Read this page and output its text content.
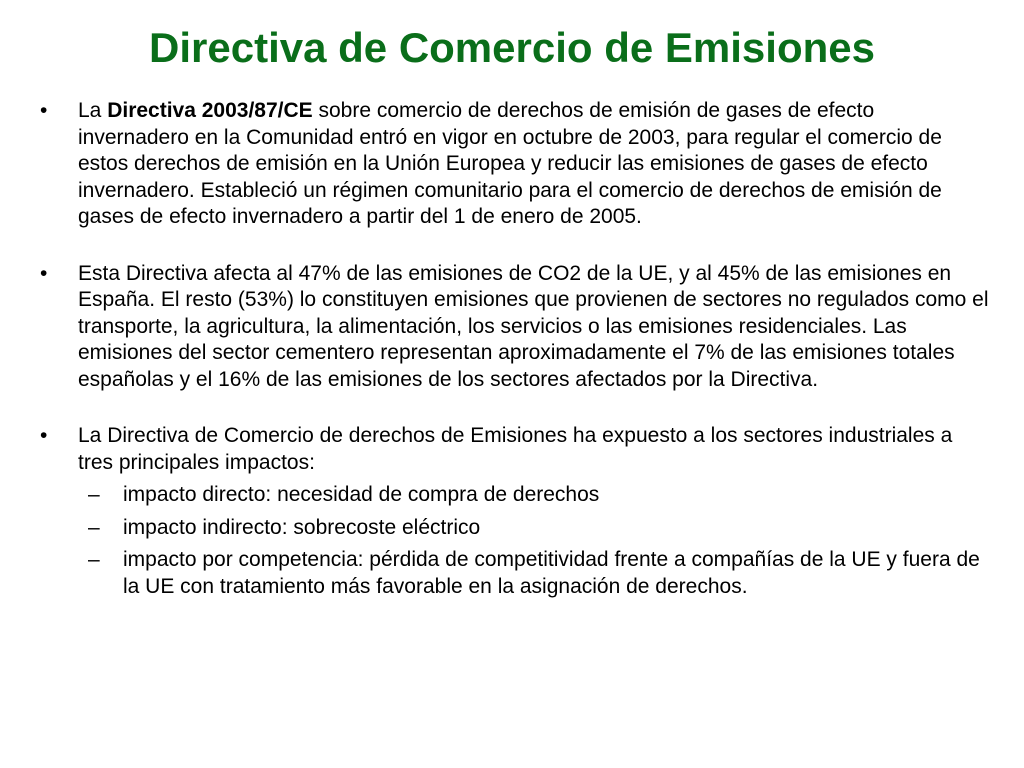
Directiva de Comercio de Emisiones

•	La Directiva 2003/87/CE sobre comercio de derechos de emisión de gases de efecto invernadero en la Comunidad entró en vigor en octubre de 2003, para regular el comercio de estos derechos de emisión en la Unión Europea y reducir las emisiones de gases de efecto invernadero. Estableció un régimen comunitario para el comercio de derechos de emisión de gases de efecto invernadero a partir del 1 de enero de 2005.

•	Esta Directiva afecta al 47% de las emisiones de CO2 de la UE, y al 45% de las emisiones en España. El resto (53%) lo constituyen emisiones que provienen de sectores no regulados como el transporte, la agricultura, la alimentación, los servicios o las emisiones residenciales. Las emisiones del sector cementero representan aproximadamente el 7% de las emisiones totales españolas y el 16% de las emisiones de los sectores afectados por la Directiva.

•	La Directiva de Comercio de derechos de Emisiones ha expuesto a los sectores industriales a tres principales impactos:

– impacto directo: necesidad de compra de derechos

– impacto indirecto: sobrecoste eléctrico

– impacto por competencia: pérdida de competitividad frente a compañías de la UE y fuera de la UE con tratamiento más favorable en la asignación de derechos.
